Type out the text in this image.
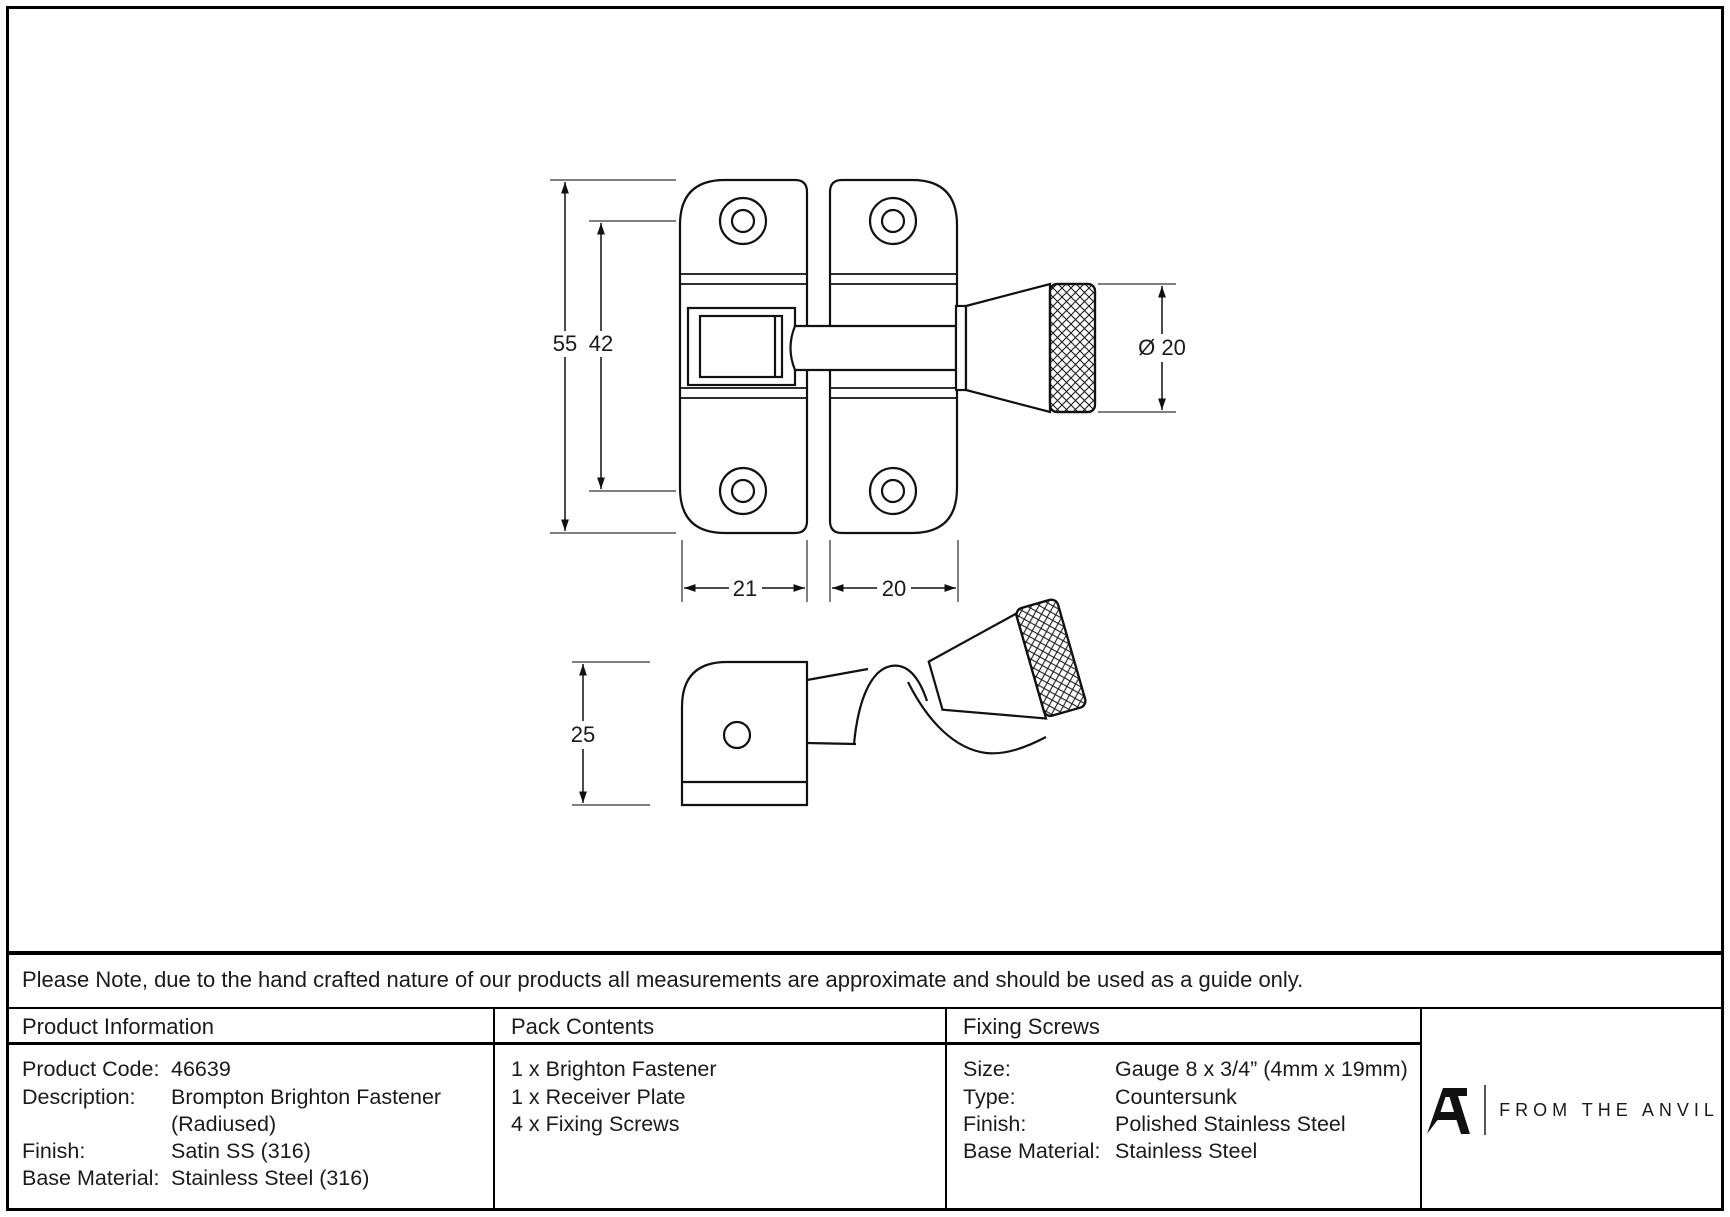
55 42
21	20
Ø 20
25
Please Note, due to the hand crafted nature of our products all measurements are approximate and should be used as a guide only.
Product Information	Pack Contents	Fixing Screws
Product Code: 46639
Description: Brompton Brighton Fastener
(Radiused)
Finish:	Satin SS (316)
Base Material: Stainless Steel (316)
1 x Brighton Fastener
1 x Receiver Plate
4 x Fixing Screws
Size:	Gauge 8 x 3/4” (4mm x 19mm)
Type:	Countersunk
Finish:	Polished Stainless Steel
Base Material: Stainless Steel
FROM THE ANVIL
